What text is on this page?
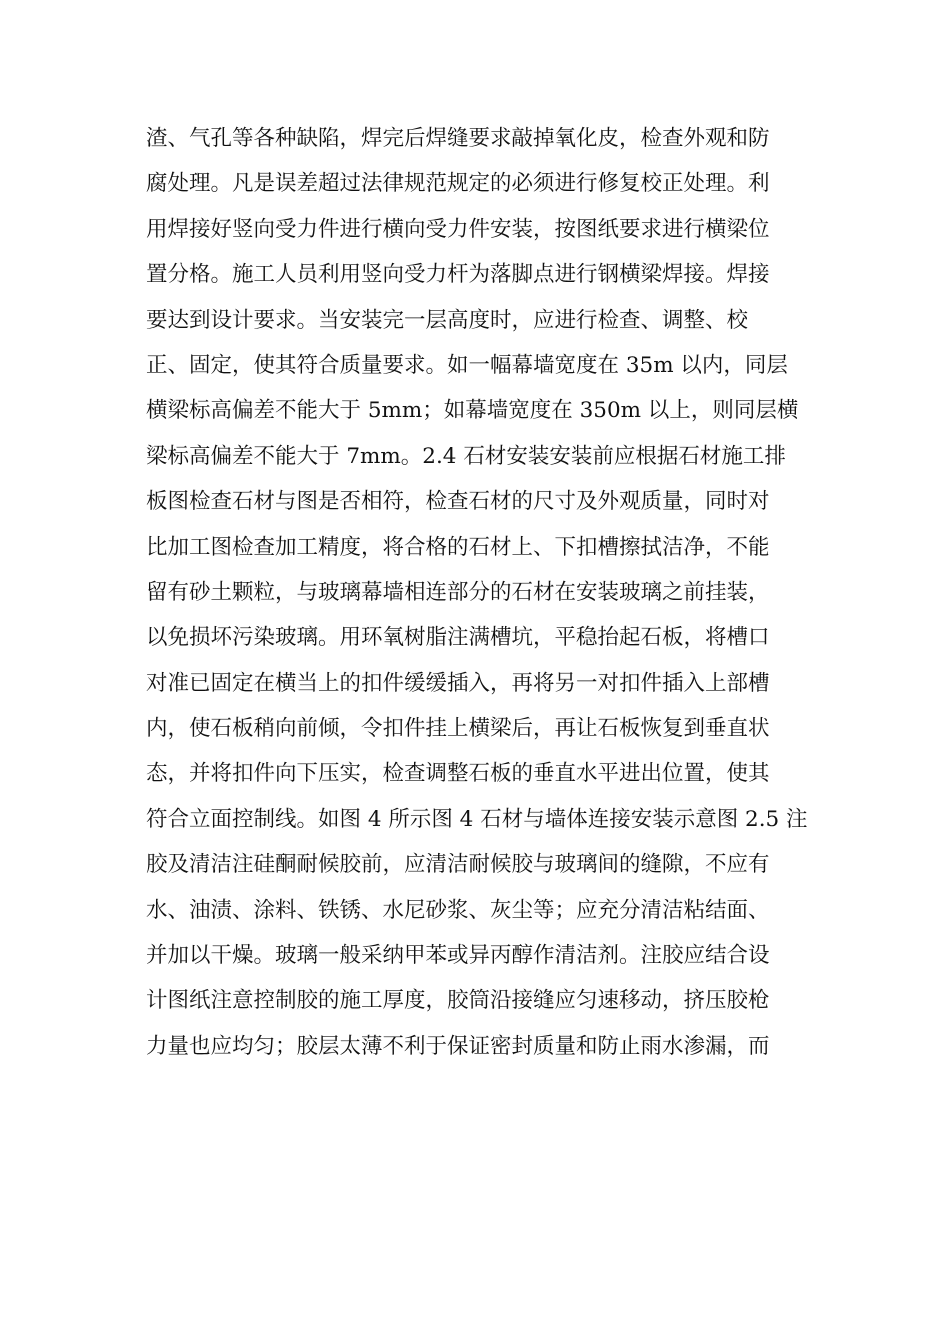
渣、气孔等各种缺陷，焊完后焊缝要求敲掉氧化皮，检查外观和防
腐处理。凡是误差超过法律规范规定的必须进行修复校正处理。利
用焊接好竖向受力件进行横向受力件安装，按图纸要求进行横梁位
置分格。施工人员利用竖向受力杆为落脚点进行钢横梁焊接。焊接
要达到设计要求。当安装完一层高度时，应进行检查、调整、校
正、固定，使其符合质量要求。如一幅幕墙宽度在 35m 以内，同层
横梁标高偏差不能大于 5mm；如幕墙宽度在 350m 以上，则同层横
梁标高偏差不能大于 7mm。2.4 石材安装安装前应根据石材施工排
板图检查石材与图是否相符，检查石材的尺寸及外观质量，同时对
比加工图检查加工精度，将合格的石材上、下扣槽擦拭洁净，不能
留有砂土颗粒，与玻璃幕墙相连部分的石材在安装玻璃之前挂装，
以免损坏污染玻璃。用环氧树脂注满槽坑，平稳抬起石板，将槽口
对准已固定在横当上的扣件缓缓插入，再将另一对扣件插入上部槽
内，使石板稍向前倾，令扣件挂上横梁后，再让石板恢复到垂直状
态，并将扣件向下压实，检查调整石板的垂直水平进出位置，使其
符合立面控制线。如图 4 所示图 4 石材与墙体连接安装示意图 2.5 注
胶及清洁注硅酮耐候胶前，应清洁耐候胶与玻璃间的缝隙，不应有
水、油渍、涂料、铁锈、水尼砂浆、灰尘等；应充分清洁粘结面、
并加以干燥。玻璃一般采纳甲苯或异丙醇作清洁剂。注胶应结合设
计图纸注意控制胶的施工厚度，胶筒沿接缝应匀速移动，挤压胶枪
力量也应均匀；胶层太薄不利于保证密封质量和防止雨水渗漏，而
